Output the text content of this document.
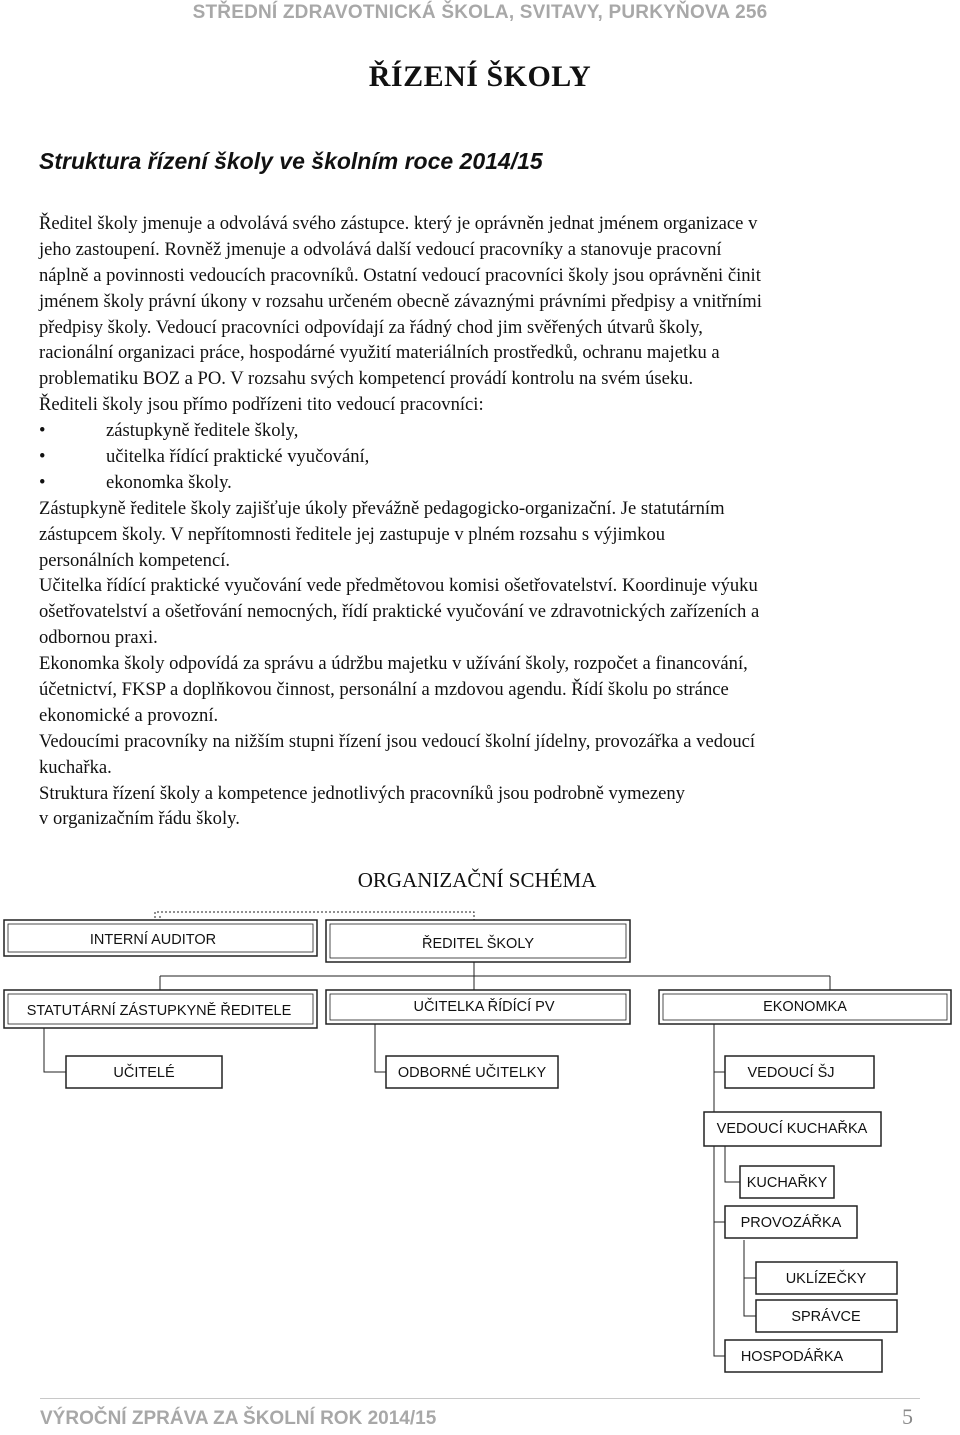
STŘEDNÍ ZDRAVOTNICKÁ ŠKOLA, SVITAVY, PURKYŇOVA 256
ŘÍZENÍ ŠKOLY
Struktura řízení školy ve školním roce 2014/15
Ředitel školy jmenuje a odvolává svého zástupce. který je oprávněn jednat jménem organizace v
jeho zastoupení. Rovněž jmenuje a odvolává další vedoucí pracovníky a stanovuje pracovní
náplně a povinnosti vedoucích pracovníků. Ostatní vedoucí pracovníci školy jsou oprávněni činit
jménem školy právní úkony v rozsahu určeném obecně závaznými právními předpisy a vnitřními
předpisy školy. Vedoucí pracovníci odpovídají za řádný chod jim svěřených útvarů školy,
racionální organizaci práce, hospodárné využití materiálních prostředků, ochranu majetku a
problematiku BOZ a PO. V rozsahu svých kompetencí provádí kontrolu na svém úseku.
Řediteli školy jsou přímo podřízeni tito vedoucí pracovníci:
•	zástupkyně ředitele školy,
•	učitelka řídící praktické vyučování,
•	ekonomka školy.
Zástupkyně ředitele školy zajišťuje úkoly převážně pedagogicko-organizační. Je statutárním
zástupcem školy. V nepřítomnosti ředitele jej zastupuje v plném rozsahu s výjimkou
personálních kompetencí.
Učitelka řídící praktické vyučování vede předmětovou komisi ošetřovatelství. Koordinuje výuku
ošetřovatelství a ošetřování nemocných, řídí praktické vyučování ve zdravotnických zařízeních a
odbornou praxi.
Ekonomka školy odpovídá za správu a údržbu majetku v užívání školy, rozpočet a financování,
účetnictví, FKSP a doplňkovou činnost, personální a mzdovou agendu. Řídí školu po stránce
ekonomické a provozní.
Vedoucími pracovníky na nižším stupni řízení jsou vedoucí školní jídelny, provozářka a vedoucí
kuchařka.
Struktura řízení školy a kompetence jednotlivých pracovníků jsou podrobně vymezeny
v organizačním řádu školy.
ORGANIZAČNÍ SCHÉMA
INTERNÍ AUDITOR	ŘEDITEL ŠKOLY
STATUTÁRNÍ ZÁSTUPKYNĚ ŘEDITELE	UČITELKA ŘÍDÍCÍ PV	EKONOMKA
UČITELÉ	ODBORNÉ UČITELKY	VEDOUCÍ ŠJ
VEDOUCÍ KUCHAŘKA
KUCHAŘKY
PROVOZÁŘKA
UKLÍZEČKY
SPRÁVCE
HOSPODÁŘKA
VÝROČNÍ ZPRÁVA ZA ŠKOLNÍ ROK 2014/15	5
